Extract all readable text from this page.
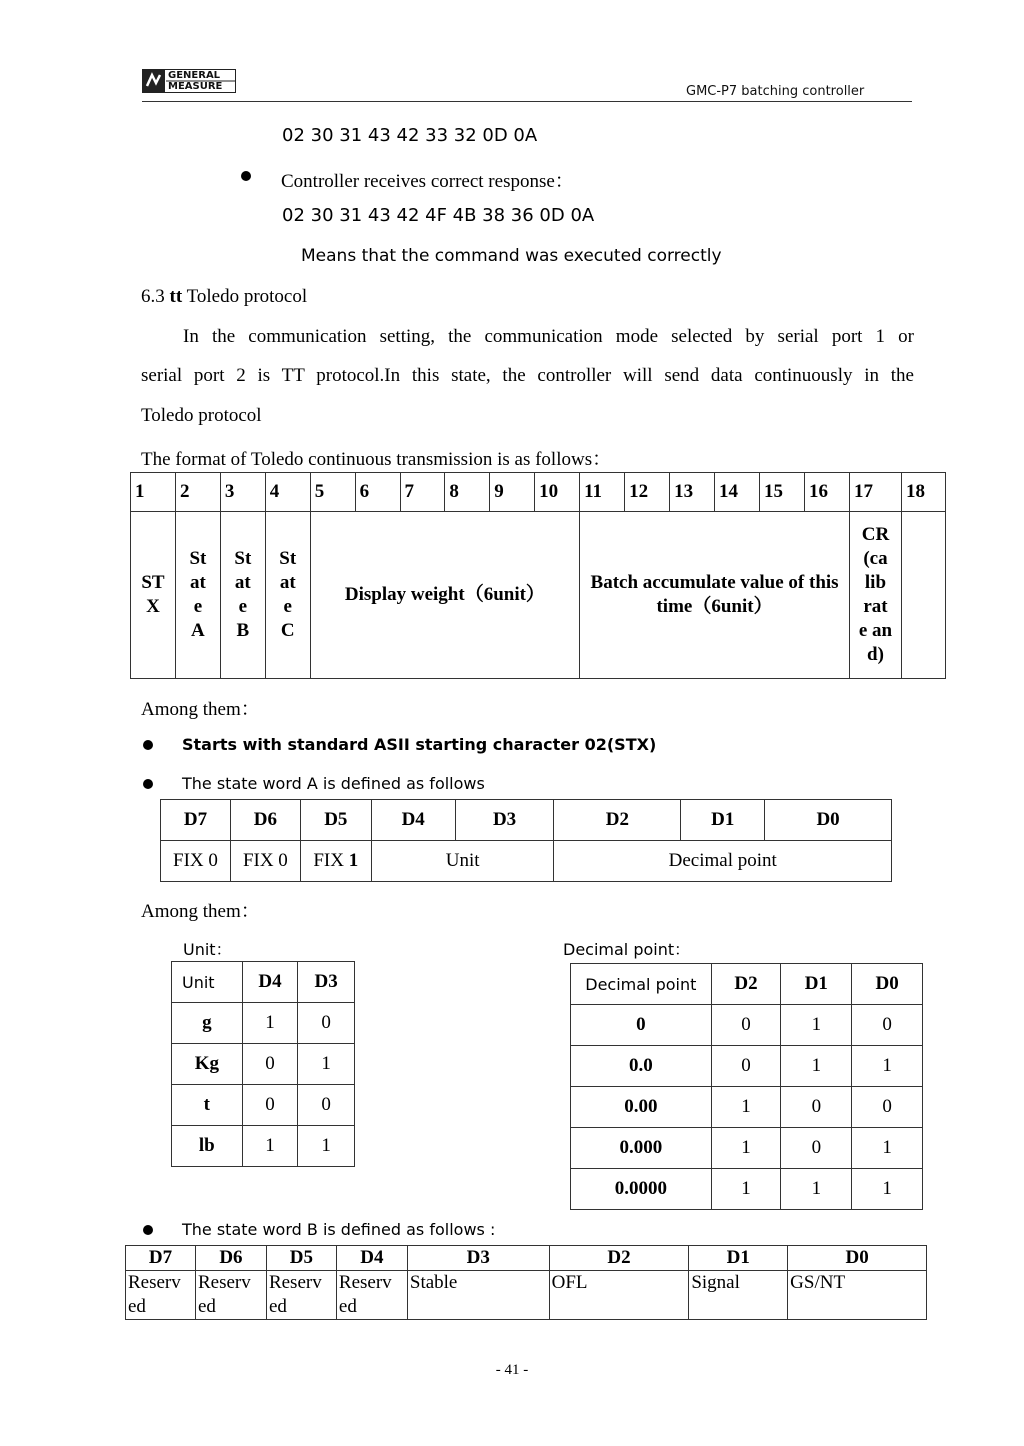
GENERAL
MEASURE	GMC-P7 batching controller
02 30 31 43 42 33 32 0D 0A
Controller receives correct response：
02 30 31 43 42 4F 4B 38 36 0D 0A
Means that the command was executed correctly
6.3 tt Toledo protocol
In the communication setting, the communication mode selected by serial port 1 or
serial port 2 is TT protocol.In this state, the controller will send data continuously in the
Toledo protocol
The format of Toledo continuous transmission is as follows：
1	2	3	4	5	6	7	8	9	10	11	12	13	14	15	16	17	18

ST X	St at e A	St at e B	St at e C	Display weight（6unit）						Batch accumulate value of this time（6unit）						CR (ca lib rat e an d)	

Among them：
Starts with standard ASII starting character 02(STX)
The state word A is defined as follows
D7	D6	D5	D4	D3	D2	D1	D0
FIX 0	FIX 0	FIX 1	Unit		Decimal point		
Among them：
Unit：	Decimal point：
Unit	D4	D3
g	1	0
Kg	0	1
t	0	0
lb	1	1
Decimal point	D2	D1	D0
0	0	1	0
0.0	0	1	1
0.00	1	0	0
0.000	1	0	1
0.0000	1	1	1
The state word B is defined as follows :
D7	D6	D5	D4	D3	D2	D1	D0

Reserv ed	Reserv ed	Reserv ed	Reserv ed	Stable	OFL	Signal	GS/NT
- 41 -
